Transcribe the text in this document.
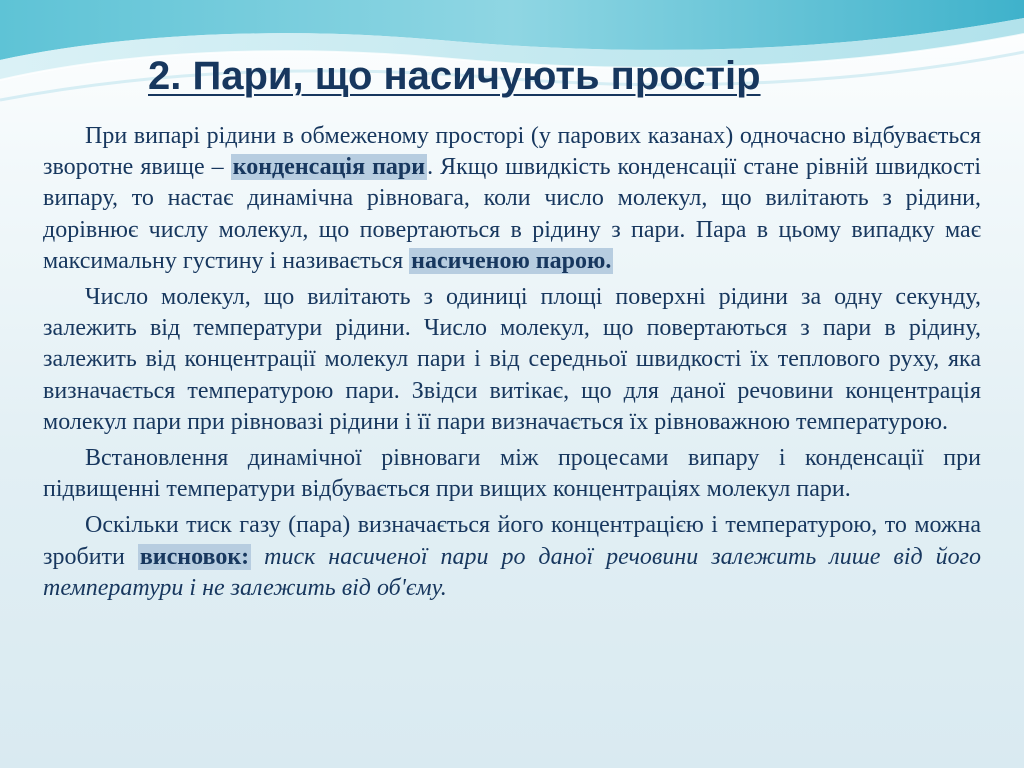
2. Пари, що насичують простір

При випарі рідини в обмеженому просторі (у парових казанах) одночасно відбувається зворотне явище – конденсація пари. Якщо швидкість конденсації стане рівній швидкості випару, то настає динамічна рівновага, коли число молекул, що вилітають з рідини, дорівнює числу молекул, що повертаються в рідину з пари. Пара в цьому випадку має максимальну густину і називається насиченою парою.

Число молекул, що вилітають з одиниці площі поверхні рідини за одну секунду, залежить від температури рідини. Число молекул, що повертаються з пари в рідину, залежить від концентрації молекул пари і від середньої швидкості їх теплового руху, яка визначається температурою пари. Звідси витікає, що для даної речовини концентрація молекул пари при рівновазі рідини і її пари визначається їх рівноважною температурою.

Встановлення динамічної рівноваги між процесами випару і конденсації при підвищенні температури відбувається при вищих концентраціях молекул пари.

Оскільки тиск газу (пара) визначається його концентрацією і температурою, то можна зробити висновок: тиск насиченої пари ро даної речовини залежить лише від його температури і не залежить від об'єму.
